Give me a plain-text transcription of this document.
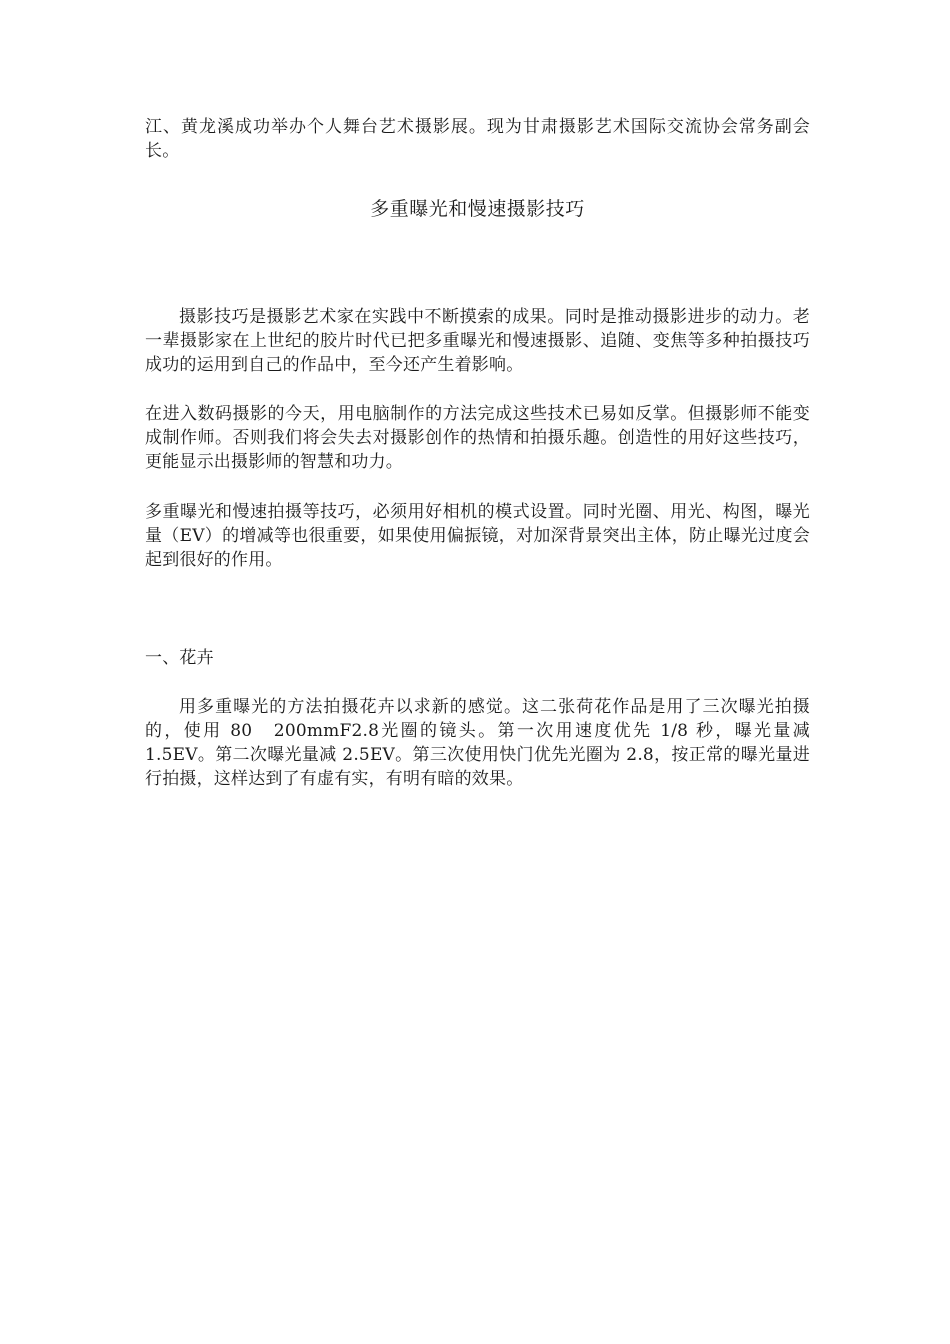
江、黄龙溪成功举办个人舞台艺术摄影展。现为甘肃摄影艺术国际交流协会常务副会长。

多重曝光和慢速摄影技巧

摄影技巧是摄影艺术家在实践中不断摸索的成果。同时是推动摄影进步的动力。老一辈摄影家在上世纪的胶片时代已把多重曝光和慢速摄影、追随、变焦等多种拍摄技巧成功的运用到自己的作品中，至今还产生着影响。

在进入数码摄影的今天，用电脑制作的方法完成这些技术已易如反掌。但摄影师不能变成制作师。否则我们将会失去对摄影创作的热情和拍摄乐趣。创造性的用好这些技巧，更能显示出摄影师的智慧和功力。

多重曝光和慢速拍摄等技巧，必须用好相机的模式设置。同时光圈、用光、构图，曝光量（EV）的增减等也很重要，如果使用偏振镜，对加深背景突出主体，防止曝光过度会起到很好的作用。

一、花卉

用多重曝光的方法拍摄花卉以求新的感觉。这二张荷花作品是用了三次曝光拍摄的，使用 80　200mmF2.8光圈的镜头。第一次用速度优先 1/8 秒，曝光量减 1.5EV。第二次曝光量减 2.5EV。第三次使用快门优先光圈为 2.8，按正常的曝光量进行拍摄，这样达到了有虚有实，有明有暗的效果。
